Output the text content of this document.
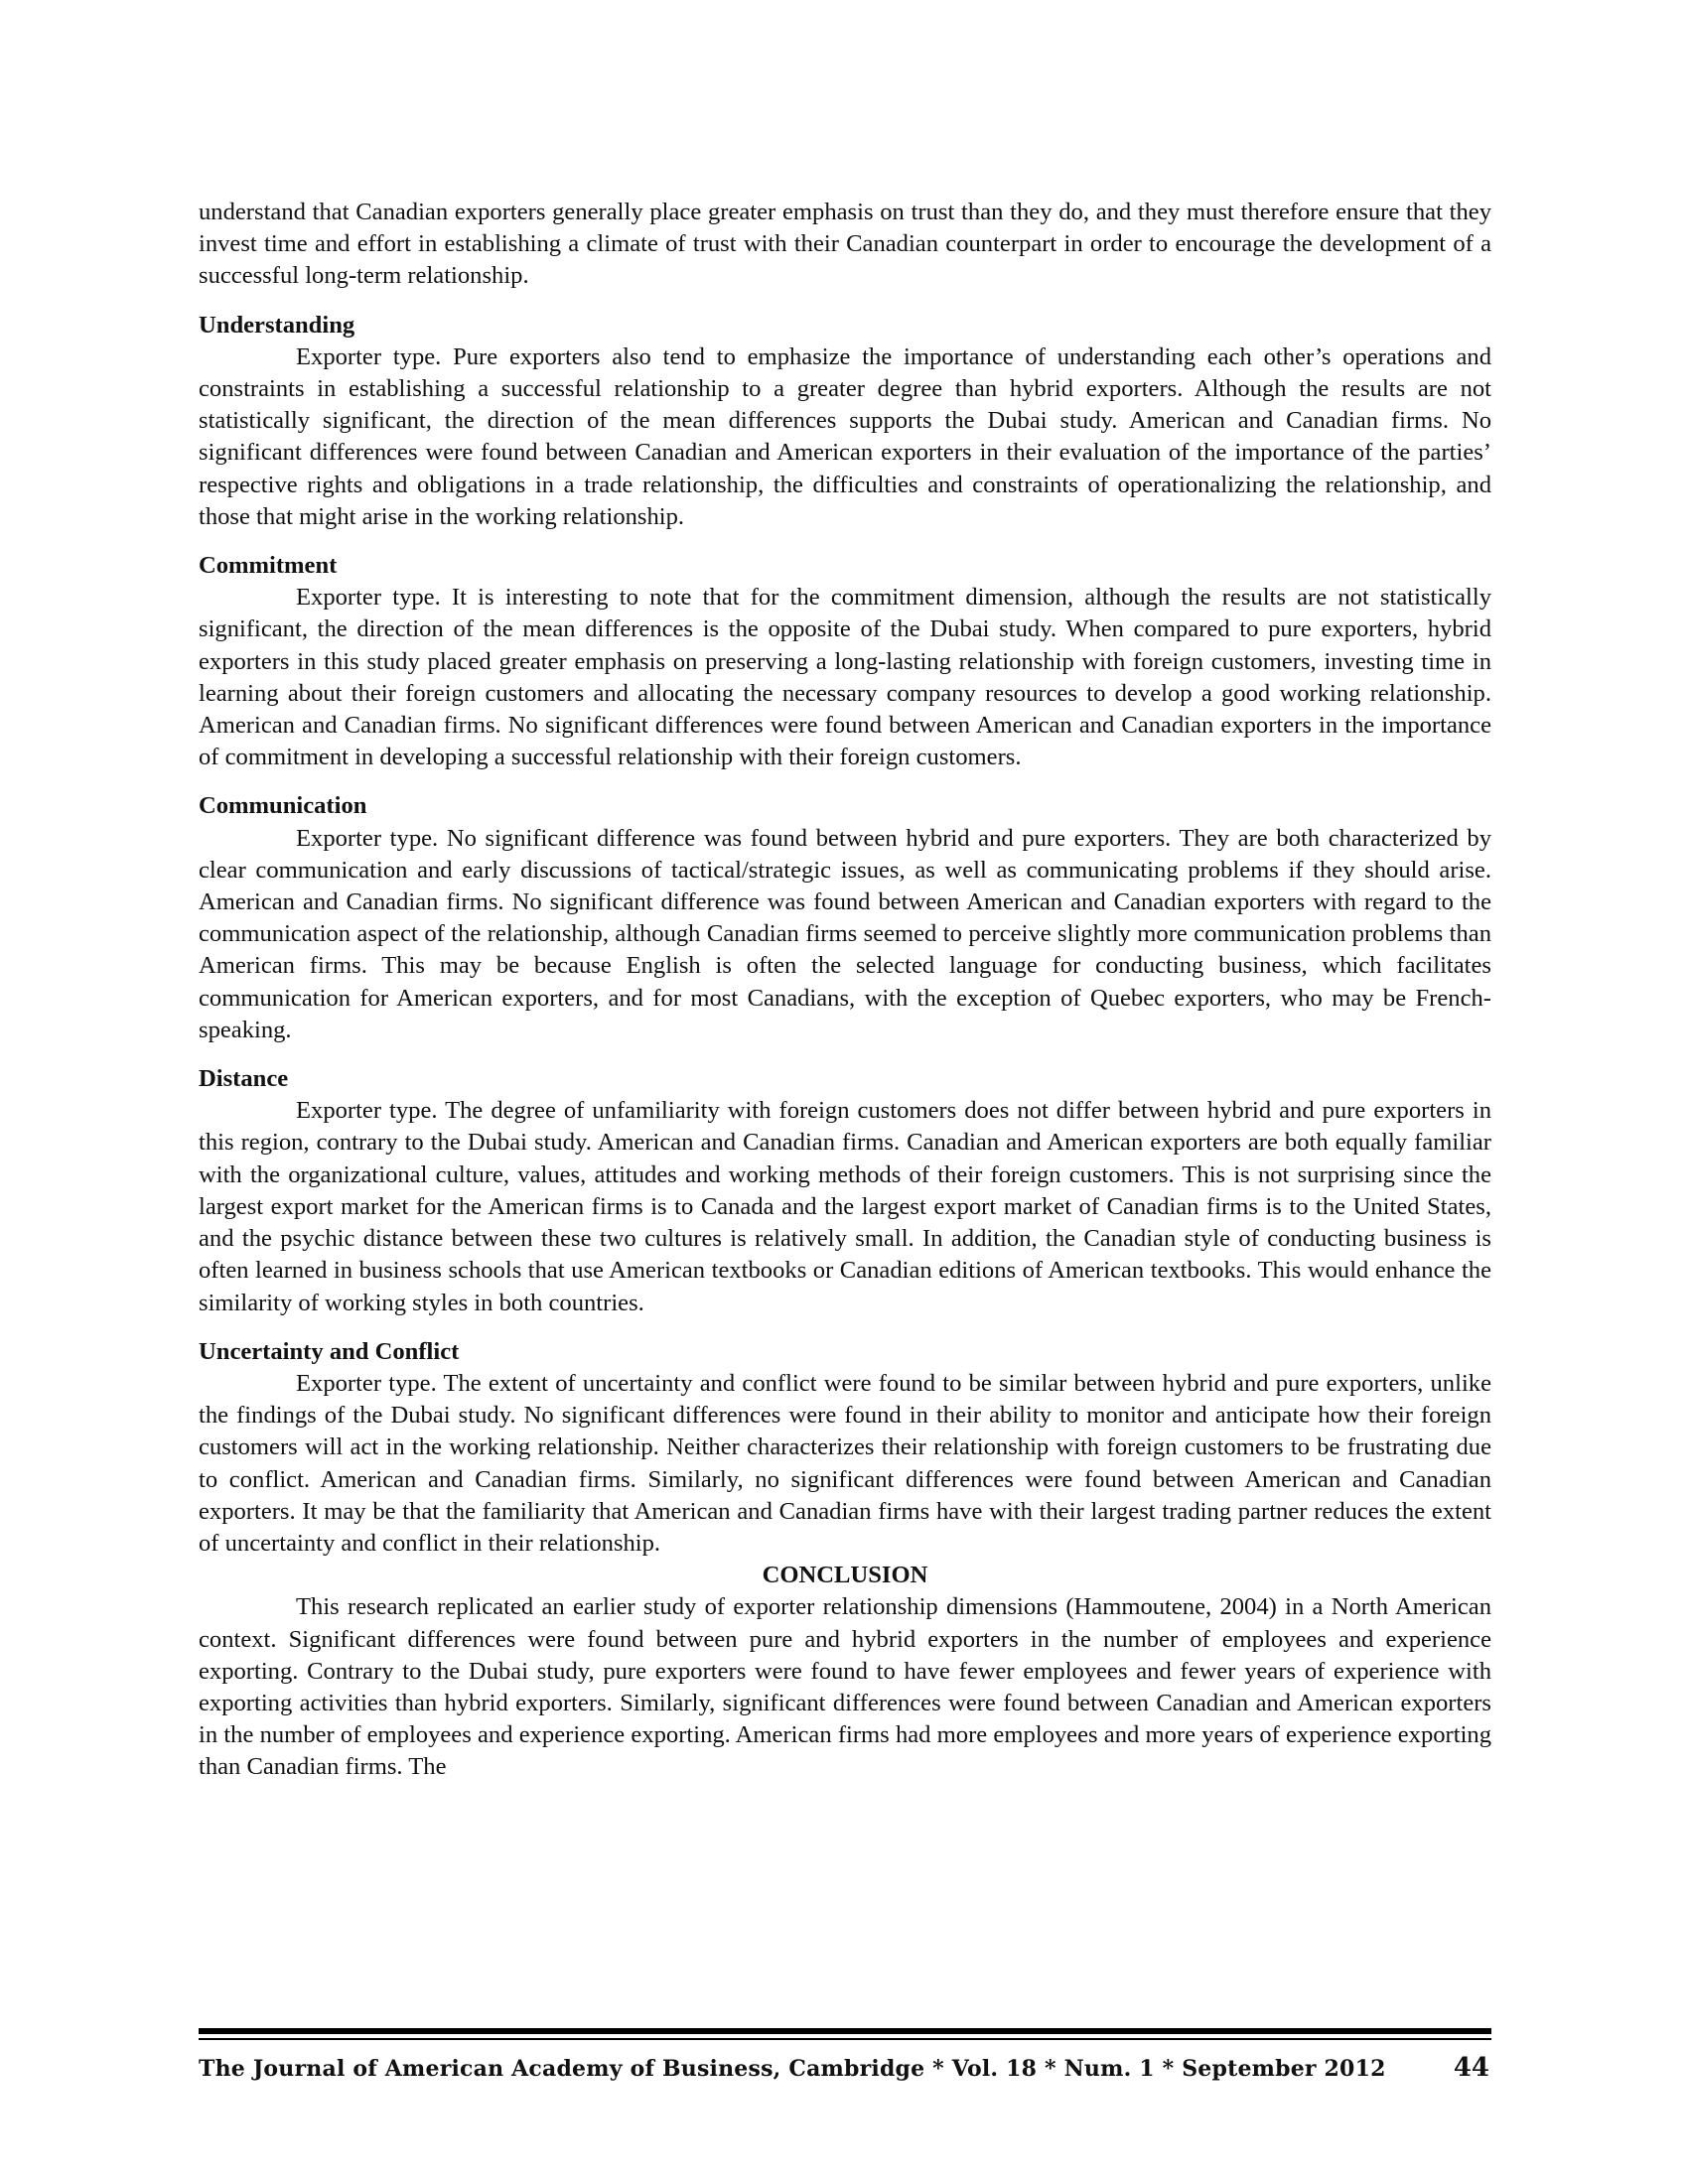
understand that Canadian exporters generally place greater emphasis on trust than they do, and they must therefore ensure that they invest time and effort in establishing a climate of trust with their Canadian counterpart in order to encourage the development of a successful long-term relationship.

Understanding

Exporter type. Pure exporters also tend to emphasize the importance of understanding each other’s operations and constraints in establishing a successful relationship to a greater degree than hybrid exporters. Although the results are not statistically significant, the direction of the mean differences supports the Dubai study. American and Canadian firms. No significant differences were found between Canadian and American exporters in their evaluation of the importance of the parties’ respective rights and obligations in a trade relationship, the difficulties and constraints of operationalizing the relationship, and those that might arise in the working relationship.

Commitment

Exporter type. It is interesting to note that for the commitment dimension, although the results are not statistically significant, the direction of the mean differences is the opposite of the Dubai study. When compared to pure exporters, hybrid exporters in this study placed greater emphasis on preserving a long-lasting relationship with foreign customers, investing time in learning about their foreign customers and allocating the necessary company resources to develop a good working relationship. American and Canadian firms. No significant differences were found between American and Canadian exporters in the importance of commitment in developing a successful relationship with their foreign customers.

Communication

Exporter type. No significant difference was found between hybrid and pure exporters. They are both characterized by clear communication and early discussions of tactical/strategic issues, as well as communicating problems if they should arise. American and Canadian firms. No significant difference was found between American and Canadian exporters with regard to the communication aspect of the relationship, although Canadian firms seemed to perceive slightly more communication problems than American firms. This may be because English is often the selected language for conducting business, which facilitates communication for American exporters, and for most Canadians, with the exception of Quebec exporters, who may be French-speaking.

Distance

Exporter type. The degree of unfamiliarity with foreign customers does not differ between hybrid and pure exporters in this region, contrary to the Dubai study. American and Canadian firms. Canadian and American exporters are both equally familiar with the organizational culture, values, attitudes and working methods of their foreign customers. This is not surprising since the largest export market for the American firms is to Canada and the largest export market of Canadian firms is to the United States, and the psychic distance between these two cultures is relatively small. In addition, the Canadian style of conducting business is often learned in business schools that use American textbooks or Canadian editions of American textbooks. This would enhance the similarity of working styles in both countries.

Uncertainty and Conflict

Exporter type. The extent of uncertainty and conflict were found to be similar between hybrid and pure exporters, unlike the findings of the Dubai study. No significant differences were found in their ability to monitor and anticipate how their foreign customers will act in the working relationship. Neither characterizes their relationship with foreign customers to be frustrating due to conflict. American and Canadian firms. Similarly, no significant differences were found between American and Canadian exporters. It may be that the familiarity that American and Canadian firms have with their largest trading partner reduces the extent of uncertainty and conflict in their relationship.

CONCLUSION

This research replicated an earlier study of exporter relationship dimensions (Hammoutene, 2004) in a North American context. Significant differences were found between pure and hybrid exporters in the number of employees and experience exporting. Contrary to the Dubai study, pure exporters were found to have fewer employees and fewer years of experience with exporting activities than hybrid exporters. Similarly, significant differences were found between Canadian and American exporters in the number of employees and experience exporting. American firms had more employees and more years of experience exporting than Canadian firms. The

The Journal of American Academy of Business, Cambridge * Vol. 18 * Num. 1 * September 2012	44
